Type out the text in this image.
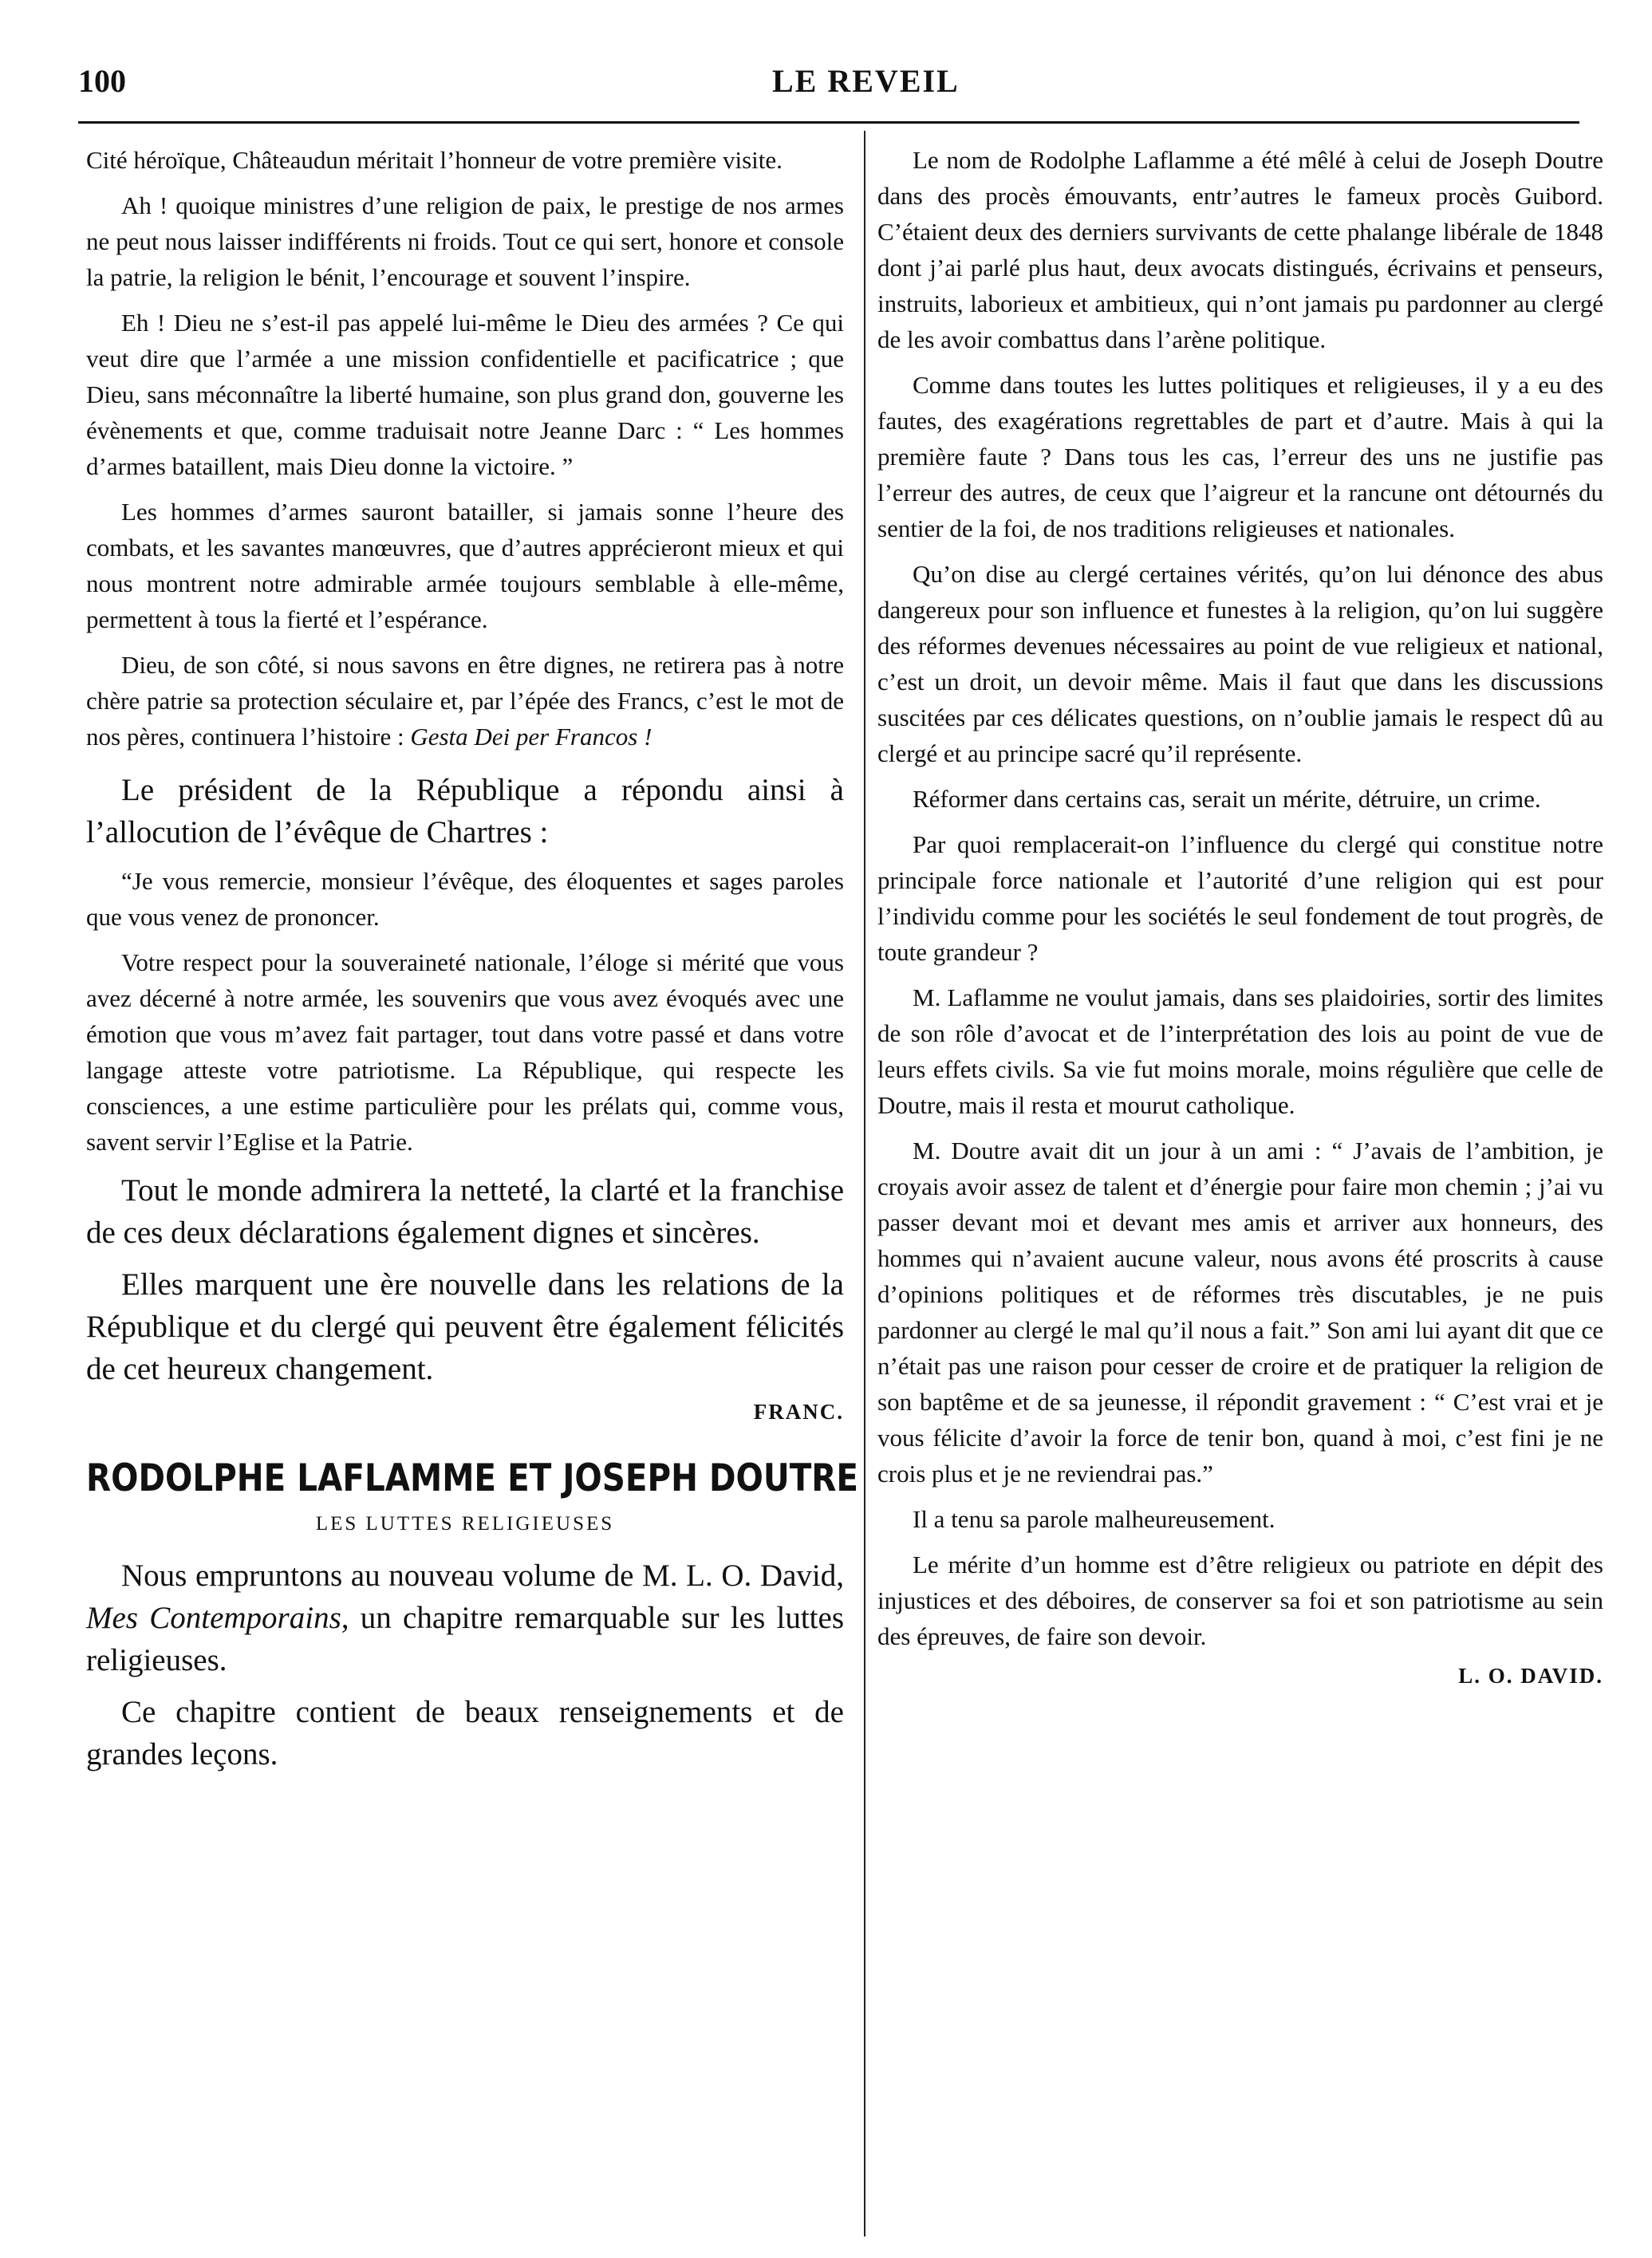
100	LE REVEIL

Cité héroïque, Châteaudun méritait l’honneur de votre première visite.

Ah ! quoique ministres d’une religion de paix, le prestige de nos armes ne peut nous laisser indifférents ni froids. Tout ce qui sert, honore et console la patrie, la religion le bénit, l’encourage et souvent l’inspire.

Eh ! Dieu ne s’est-il pas appelé lui-même le Dieu des armées ? Ce qui veut dire que l’armée a une mission confidentielle et pacificatrice ; que Dieu, sans méconnaître la liberté humaine, son plus grand don, gouverne les évènements et que, comme traduisait notre Jeanne Darc : “ Les hommes d’armes bataillent, mais Dieu donne la victoire. ”

Les hommes d’armes sauront batailler, si jamais sonne l’heure des combats, et les savantes manœuvres, que d’autres apprécieront mieux et qui nous montrent notre admirable armée toujours semblable à elle-même, permettent à tous la fierté et l’espérance.

Dieu, de son côté, si nous savons en être dignes, ne retirera pas à notre chère patrie sa protection séculaire et, par l’épée des Francs, c’est le mot de nos pères, continuera l’histoire : Gesta Dei per Francos !

Le président de la République a répondu ainsi à l’allocution de l’évêque de Chartres :

“Je vous remercie, monsieur l’évêque, des éloquentes et sages paroles que vous venez de prononcer.

Votre respect pour la souveraineté nationale, l’éloge si mérité que vous avez décerné à notre armée, les souvenirs que vous avez évoqués avec une émotion que vous m’avez fait partager, tout dans votre passé et dans votre langage atteste votre patriotisme. La République, qui respecte les consciences, a une estime particulière pour les prélats qui, comme vous, savent servir l’Eglise et la Patrie.

Tout le monde admirera la netteté, la clarté et la franchise de ces deux déclarations également dignes et sincères.

Elles marquent une ère nouvelle dans les relations de la République et du clergé qui peuvent être également félicités de cet heureux changement.

FRANC.

RODOLPHE LAFLAMME ET JOSEPH DOUTRE

LES LUTTES RELIGIEUSES

Nous empruntons au nouveau volume de M. L. O. David, Mes Contemporains, un chapitre remarquable sur les luttes religieuses.

Ce chapitre contient de beaux renseignements et de grandes leçons.

Le nom de Rodolphe Laflamme a été mêlé à celui de Joseph Doutre dans des procès émouvants, entr’autres le fameux procès Guibord. C’étaient deux des derniers survivants de cette phalange libérale de 1848 dont j’ai parlé plus haut, deux avocats distingués, écrivains et penseurs, instruits, laborieux et ambitieux, qui n’ont jamais pu pardonner au clergé de les avoir combattus dans l’arène politique.

Comme dans toutes les luttes politiques et religieuses, il y a eu des fautes, des exagérations regrettables de part et d’autre. Mais à qui la première faute ? Dans tous les cas, l’erreur des uns ne justifie pas l’erreur des autres, de ceux que l’aigreur et la rancune ont détournés du sentier de la foi, de nos traditions religieuses et nationales.

Qu’on dise au clergé certaines vérités, qu’on lui dénonce des abus dangereux pour son influence et funestes à la religion, qu’on lui suggère des réformes devenues nécessaires au point de vue religieux et national, c’est un droit, un devoir même. Mais il faut que dans les discussions suscitées par ces délicates questions, on n’oublie jamais le respect dû au clergé et au principe sacré qu’il représente.

Réformer dans certains cas, serait un mérite, détruire, un crime.

Par quoi remplacerait-on l’influence du clergé qui constitue notre principale force nationale et l’autorité d’une religion qui est pour l’individu comme pour les sociétés le seul fondement de tout progrès, de toute grandeur ?

M. Laflamme ne voulut jamais, dans ses plaidoiries, sortir des limites de son rôle d’avocat et de l’interprétation des lois au point de vue de leurs effets civils. Sa vie fut moins morale, moins régulière que celle de Doutre, mais il resta et mourut catholique.

M. Doutre avait dit un jour à un ami : “ J’avais de l’ambition, je croyais avoir assez de talent et d’énergie pour faire mon chemin ; j’ai vu passer devant moi et devant mes amis et arriver aux honneurs, des hommes qui n’avaient aucune valeur, nous avons été proscrits à cause d’opinions politiques et de réformes très discutables, je ne puis pardonner au clergé le mal qu’il nous a fait.” Son ami lui ayant dit que ce n’était pas une raison pour cesser de croire et de pratiquer la religion de son baptême et de sa jeunesse, il répondit gravement : “ C’est vrai et je vous félicite d’avoir la force de tenir bon, quand à moi, c’est fini je ne crois plus et je ne reviendrai pas.”

Il a tenu sa parole malheureusement.

Le mérite d’un homme est d’être religieux ou patriote en dépit des injustices et des déboires, de conserver sa foi et son patriotisme au sein des épreuves, de faire son devoir.

L. O. DAVID.
